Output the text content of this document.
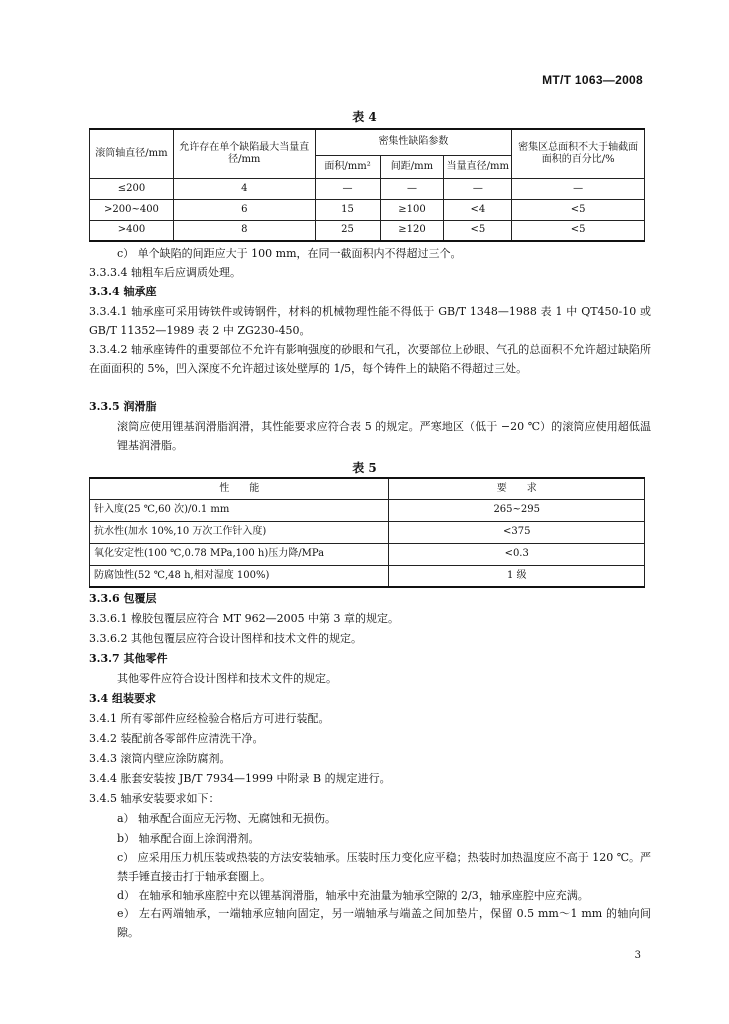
MT/T 1063—2008
表 4
滚筒轴直径/mm	允许存在单个缺陷最大当量直径/mm	密集性缺陷参数			密集区总面积不大于轴截面面积的百分比/%
		面积/mm²	间距/mm	当量直径/mm	
≤200	4	—	—	—	—
>200~400	6	15	≥100	<4	<5
>400	8	25	≥120	<5	<5
c） 单个缺陷的间距应大于 100 mm，在同一截面积内不得超过三个。
3.3.3.4 轴粗车后应调质处理。
3.3.4 轴承座
3.3.4.1 轴承座可采用铸铁件或铸钢件，材料的机械物理性能不得低于 GB/T 1348—1988 表 1 中 QT450-10 或 GB/T 11352—1989 表 2 中 ZG230-450。
3.3.4.2 轴承座铸件的重要部位不允许有影响强度的砂眼和气孔，次要部位上砂眼、气孔的总面积不允许超过缺陷所在面面积的 5%，凹入深度不允许超过该处壁厚的 1/5，每个铸件上的缺陷不得超过三处。
3.3.5 润滑脂
滚筒应使用锂基润滑脂润滑，其性能要求应符合表 5 的规定。严寒地区（低于 −20 ℃）的滚筒应使用超低温锂基润滑脂。
表 5
性　　能	要　　求
针入度(25 ℃,60 次)/0.1 mm	265~295
抗水性(加水 10%,10 万次工作针入度)	<375
氧化安定性(100 ℃,0.78 MPa,100 h)压力降/MPa	<0.3
防腐蚀性(52 ℃,48 h,相对湿度 100%)	1 级
3.3.6 包覆层
3.3.6.1 橡胶包覆层应符合 MT 962—2005 中第 3 章的规定。
3.3.6.2 其他包覆层应符合设计图样和技术文件的规定。
3.3.7 其他零件
其他零件应符合设计图样和技术文件的规定。
3.4 组装要求
3.4.1 所有零部件应经检验合格后方可进行装配。
3.4.2 装配前各零部件应清洗干净。
3.4.3 滚筒内壁应涂防腐剂。
3.4.4 胀套安装按 JB/T 7934—1999 中附录 B 的规定进行。
3.4.5 轴承安装要求如下：
a） 轴承配合面应无污物、无腐蚀和无损伤。
b） 轴承配合面上涂润滑剂。
c） 应采用压力机压装或热装的方法安装轴承。压装时压力变化应平稳；热装时加热温度应不高于 120 ℃。严禁手锤直接击打于轴承套圈上。
d） 在轴承和轴承座腔中充以锂基润滑脂，轴承中充油量为轴承空隙的 2/3，轴承座腔中应充满。
e） 左右两端轴承，一端轴承应轴向固定，另一端轴承与端盖之间加垫片，保留 0.5 mm～1 mm 的轴向间隙。
3
